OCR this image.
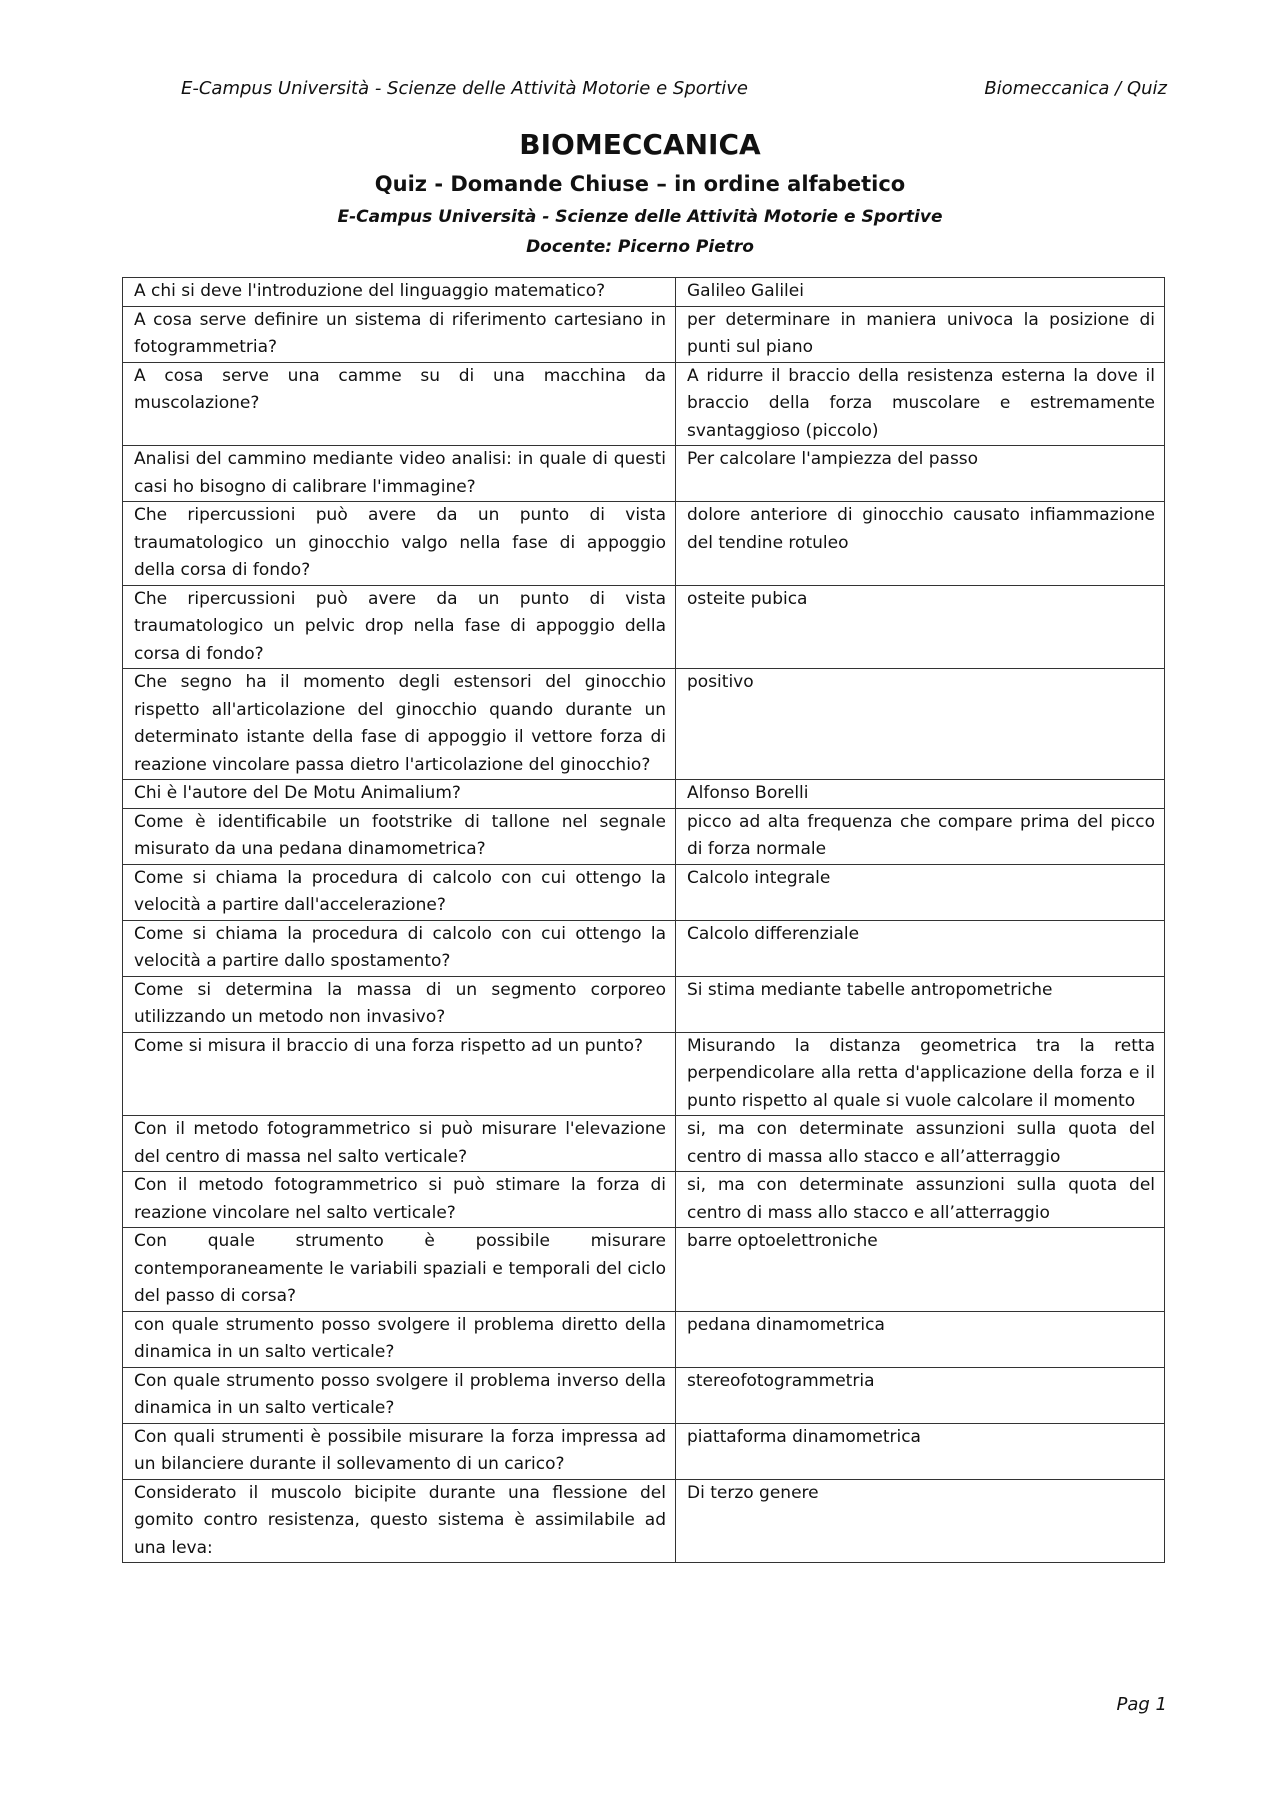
E-Campus Università - Scienze delle Attività Motorie e Sportive	Biomeccanica / Quiz
BIOMECCANICA
Quiz - Domande Chiuse – in ordine alfabetico
E-Campus Università - Scienze delle Attività Motorie e Sportive
Docente: Picerno Pietro
A chi si deve l'introduzione del linguaggio matematico?	Galileo Galilei
A cosa serve definire un sistema di riferimento cartesiano in fotogrammetria?	per determinare in maniera univoca la posizione di punti sul piano
A cosa serve una camme su di una macchina da muscolazione?	A ridurre il braccio della resistenza esterna la dove il braccio della forza muscolare e estremamente svantaggioso (piccolo)
Analisi del cammino mediante video analisi: in quale di questi casi ho bisogno di calibrare l'immagine?	Per calcolare l'ampiezza del passo
Che ripercussioni può avere da un punto di vista traumatologico un ginocchio valgo nella fase di appoggio della corsa di fondo?	dolore anteriore di ginocchio causato infiammazione del tendine rotuleo
Che ripercussioni può avere da un punto di vista traumatologico un pelvic drop nella fase di appoggio della corsa di fondo?	osteite pubica
Che segno ha il momento degli estensori del ginocchio rispetto all'articolazione del ginocchio quando durante un determinato istante della fase di appoggio il vettore forza di reazione vincolare passa dietro l'articolazione del ginocchio?	positivo
Chi è l'autore del De Motu Animalium?	Alfonso Borelli
Come è identificabile un footstrike di tallone nel segnale misurato da una pedana dinamometrica?	picco ad alta frequenza che compare prima del picco di forza normale
Come si chiama la procedura di calcolo con cui ottengo la velocità a partire dall'accelerazione?	Calcolo integrale
Come si chiama la procedura di calcolo con cui ottengo la velocità a partire dallo spostamento?	Calcolo differenziale
Come si determina la massa di un segmento corporeo utilizzando un metodo non invasivo?	Si stima mediante tabelle antropometriche
Come si misura il braccio di una forza rispetto ad un punto?	Misurando la distanza geometrica tra la retta perpendicolare alla retta d'applicazione della forza e il punto rispetto al quale si vuole calcolare il momento
Con il metodo fotogrammetrico si può misurare l'elevazione del centro di massa nel salto verticale?	si, ma con determinate assunzioni sulla quota del centro di massa allo stacco e all’atterraggio
Con il metodo fotogrammetrico si può stimare la forza di reazione vincolare nel salto verticale?	si, ma con determinate assunzioni sulla quota del centro di mass allo stacco e all’atterraggio
Con quale strumento è possibile misurare contemporaneamente le variabili spaziali e temporali del ciclo del passo di corsa?	barre optoelettroniche
con quale strumento posso svolgere il problema diretto della dinamica in un salto verticale?	pedana dinamometrica
Con quale strumento posso svolgere il problema inverso della dinamica in un salto verticale?	stereofotogrammetria
Con quali strumenti è possibile misurare la forza impressa ad un bilanciere durante il sollevamento di un carico?	piattaforma dinamometrica
Considerato il muscolo bicipite durante una flessione del gomito contro resistenza, questo sistema è assimilabile ad una leva:	Di terzo genere
Pag 1
